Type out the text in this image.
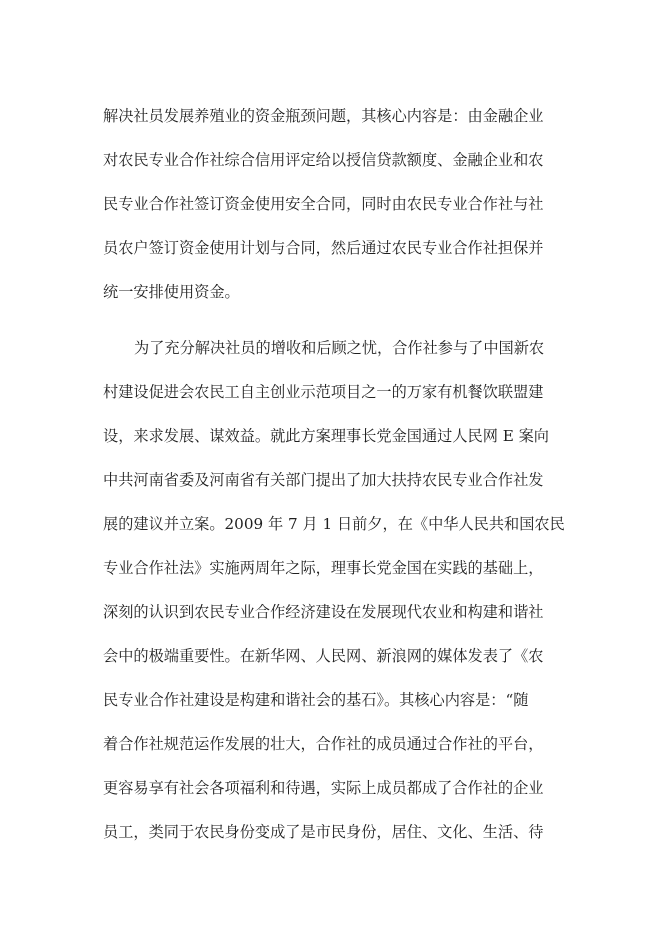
解决社员发展养殖业的资金瓶颈问题，其核心内容是：由金融企业
对农民专业合作社综合信用评定给以授信贷款额度、金融企业和农
民专业合作社签订资金使用安全合同，同时由农民专业合作社与社
员农户签订资金使用计划与合同，然后通过农民专业合作社担保并
统一安排使用资金。
为了充分解决社员的增收和后顾之忧，合作社参与了中国新农
村建设促进会农民工自主创业示范项目之一的万家有机餐饮联盟建
设，来求发展、谋效益。就此方案理事长党金国通过人民网 E 案向
中共河南省委及河南省有关部门提出了加大扶持农民专业合作社发
展的建议并立案。2009 年 7 月 1 日前夕，在《中华人民共和国农民
专业合作社法》实施两周年之际，理事长党金国在实践的基础上，
深刻的认识到农民专业合作经济建设在发展现代农业和构建和谐社
会中的极端重要性。在新华网、人民网、新浪网的媒体发表了《农
民专业合作社建设是构建和谐社会的基石》。其核心内容是：“随
着合作社规范运作发展的壮大，合作社的成员通过合作社的平台，
更容易享有社会各项福利和待遇，实际上成员都成了合作社的企业
员工，类同于农民身份变成了是市民身份，居住、文化、生活、待
